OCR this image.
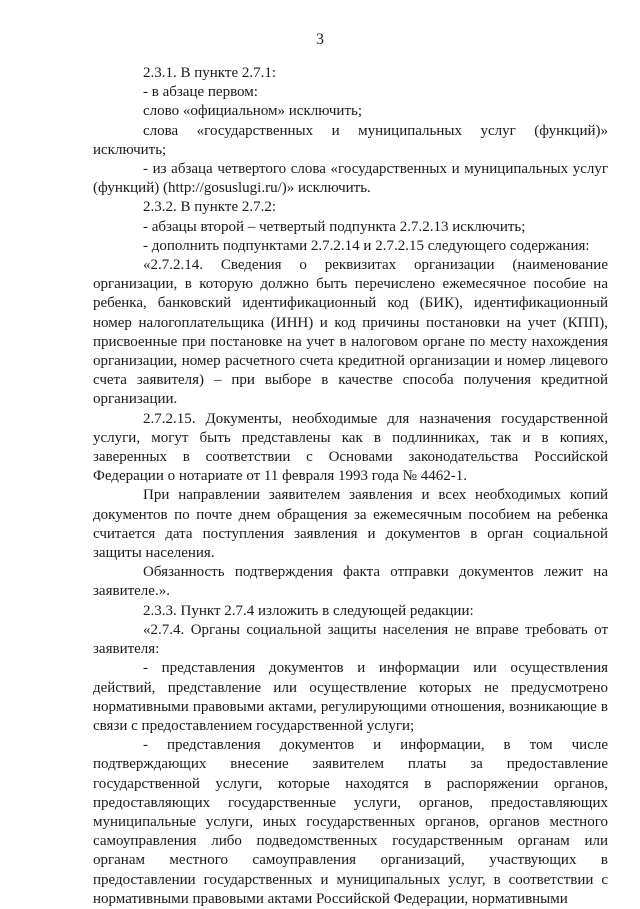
3

2.3.1. В пункте 2.7.1:

- в абзаце первом:

слово «официальном» исключить;

слова «государственных и муниципальных услуг (функций)» исключить;

- из абзаца четвертого слова «государственных и муниципальных услуг (функций) (http://gosuslugi.ru/)» исключить.

2.3.2. В пункте 2.7.2:

- абзацы второй – четвертый подпункта 2.7.2.13 исключить;

- дополнить подпунктами 2.7.2.14 и 2.7.2.15 следующего содержания:

«2.7.2.14. Сведения о реквизитах организации (наименование организации, в которую должно быть перечислено ежемесячное пособие на ребенка, банковский идентификационный код (БИК), идентификационный номер налогоплательщика (ИНН) и код причины постановки на учет (КПП), присвоенные при постановке на учет в налоговом органе по месту нахождения организации, номер расчетного счета кредитной организации и номер лицевого счета заявителя) – при выборе в качестве способа получения кредитной организации.

2.7.2.15. Документы, необходимые для назначения государственной услуги, могут быть представлены как в подлинниках, так и в копиях, заверенных в соответствии с Основами законодательства Российской Федерации о нотариате от 11 февраля 1993 года № 4462-1.

При направлении заявителем заявления и всех необходимых копий документов по почте днем обращения за ежемесячным пособием на ребенка считается дата поступления заявления и документов в орган социальной защиты населения.

Обязанность подтверждения факта отправки документов лежит на заявителе.».

2.3.3. Пункт 2.7.4 изложить в следующей редакции:

«2.7.4. Органы социальной защиты населения не вправе требовать от заявителя:

- представления документов и информации или осуществления действий, представление или осуществление которых не предусмотрено нормативными правовыми актами, регулирующими отношения, возникающие в связи с предоставлением государственной услуги;

- представления документов и информации, в том числе подтверждающих внесение заявителем платы за предоставление государственной услуги, которые находятся в распоряжении органов, предоставляющих государственные услуги, органов, предоставляющих муниципальные услуги, иных государственных органов, органов местного самоуправления либо подведомственных государственным органам или органам местного самоуправления организаций, участвующих в предоставлении государственных и муниципальных услуг, в соответствии с нормативными правовыми актами Российской Федерации, нормативными
